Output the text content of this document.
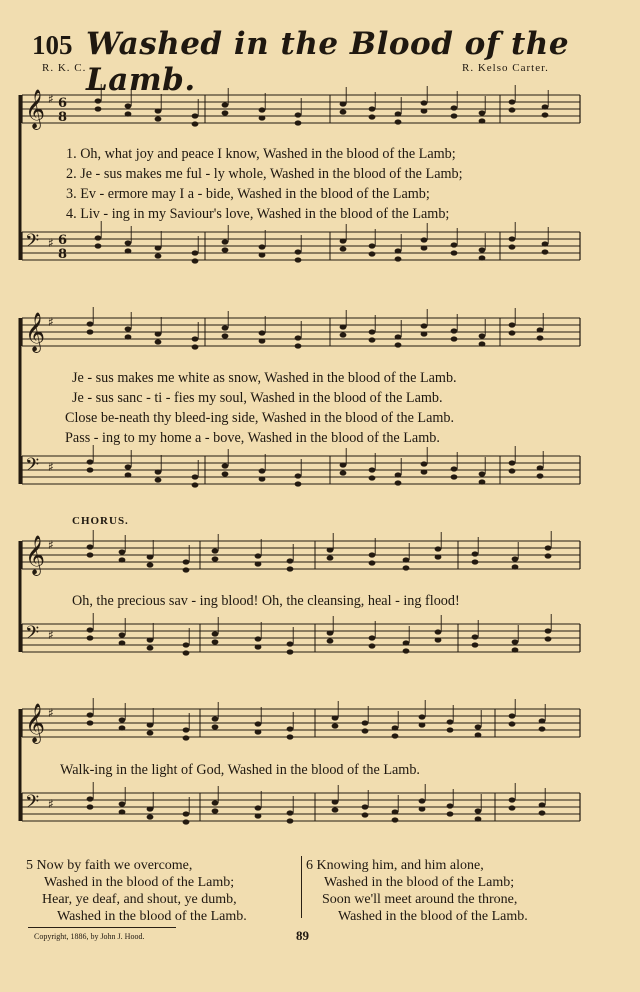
105 Washed in the Blood of the Lamb.
R. K. C.	R. Kelso Carter.
𝄞 ♯ 6
8
𝄢 ♯ 6
8
𝄞 ♯
𝄢 ♯
𝄞 ♯
𝄢 ♯
𝄞 ♯
𝄢 ♯
1. Oh, what joy and peace I know, Washed in the blood of the Lamb;
2. Je - sus makes me ful - ly whole, Washed in the blood of the Lamb;
3. Ev - ermore may I a - bide, Washed in the blood of the Lamb;
4. Liv - ing in my Saviour's love, Washed in the blood of the Lamb;
Je - sus makes me white as snow, Washed in the blood of the Lamb.
Je - sus sanc - ti - fies my soul, Washed in the blood of the Lamb.
Close be-neath thy bleed-ing side, Washed in the blood of the Lamb.
Pass - ing to my home a - bove, Washed in the blood of the Lamb.
CHORUS.
Oh, the precious sav - ing blood! Oh, the cleansing, heal - ing flood!
Walk-ing in the light of God, Washed in the blood of the Lamb.
5 Now by faith we overcome,
Washed in the blood of the Lamb;
Hear, ye deaf, and shout, ye dumb,
Washed in the blood of the Lamb.
6 Knowing him, and him alone,
Washed in the blood of the Lamb;
Soon we'll meet around the throne,
Washed in the blood of the Lamb.
Copyright, 1886, by John J. Hood.	89
